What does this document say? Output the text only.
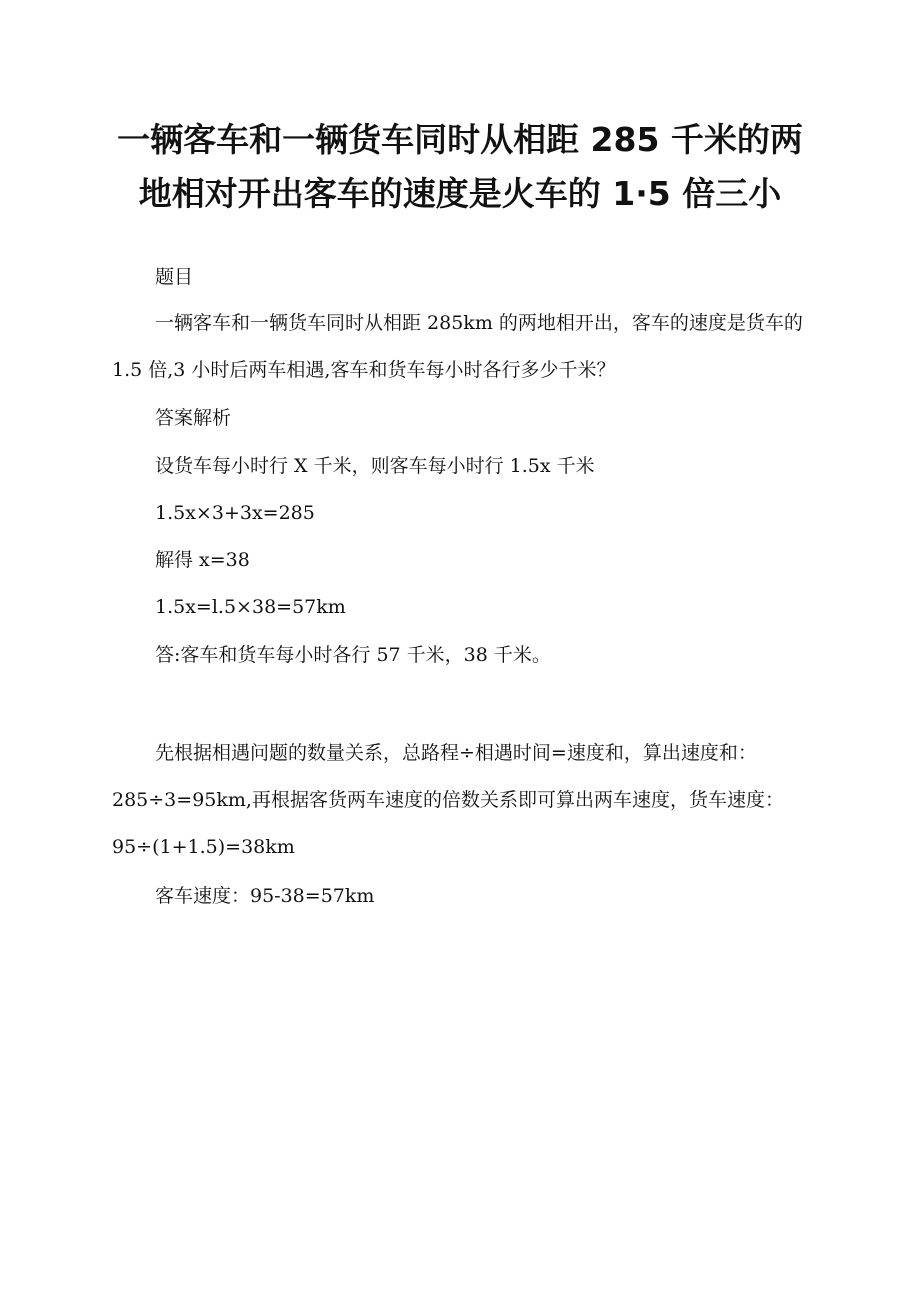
一辆客车和一辆货车同时从相距 285 千米的两
地相对开出客车的速度是火车的 1·5 倍三小

题目

一辆客车和一辆货车同时从相距 285km 的两地相开出，客车的速度是货车的 1.5 倍,3 小时后两车相遇,客车和货车每小时各行多少千米？

答案解析

设货车每小时行 X 千米，则客车每小时行 1.5x 千米

1.5x×3+3x=285

解得 x=38

1.5x=l.5×38=57km

答:客车和货车每小时各行 57 千米，38 千米。

先根据相遇问题的数量关系，总路程÷相遇时间=速度和，算出速度和：285÷3=95km,再根据客货两车速度的倍数关系即可算出两车速度，货车速度：95÷(1+1.5)=38km

客车速度：95-38=57km
